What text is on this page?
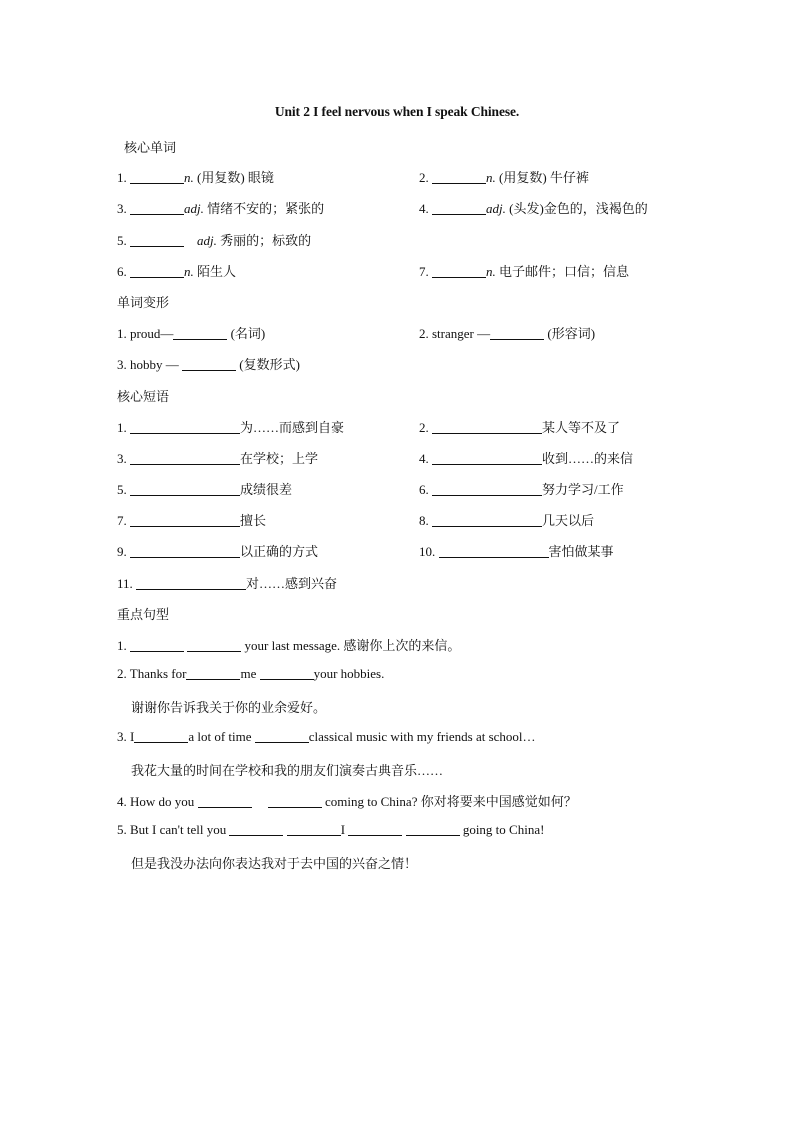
Unit 2 I feel nervous when I speak Chinese.
核心单词
1.	n. (用复数) 眼镜	2.	n. (用复数) 牛仔裤
3.	adj. 情绪不安的；紧张的	4.	adj. (头发)金色的，浅褐色的
5.	adj. 秀丽的；标致的
6.	n. 陌生人	7.	n. 电子邮件；口信；信息
单词变形
1. proud—	(名词)	2. stranger —	(形容词)
3. hobby —	(复数形式)
核心短语
1.	为……而感到自豪	2.	某人等不及了
3.	在学校；上学	4.	收到……的来信
5.	成绩很差	6.	努力学习/工作
7.	擅长	8.	几天以后
9.	以正确的方式	10.	害怕做某事
11.	对……感到兴奋
重点句型
1.	your last message. 感谢你上次的来信。
2. Thanks for	me	your hobbies.
谢谢你告诉我关于你的业余爱好。
3. I	a lot of time	classical music with my friends at school…
我花大量的时间在学校和我的朋友们演奏古典音乐……
4. How do you	coming to China? 你对将要来中国感觉如何？
5. But I can't tell you	I	going to China!
但是我没办法向你表达我对于去中国的兴奋之情！
